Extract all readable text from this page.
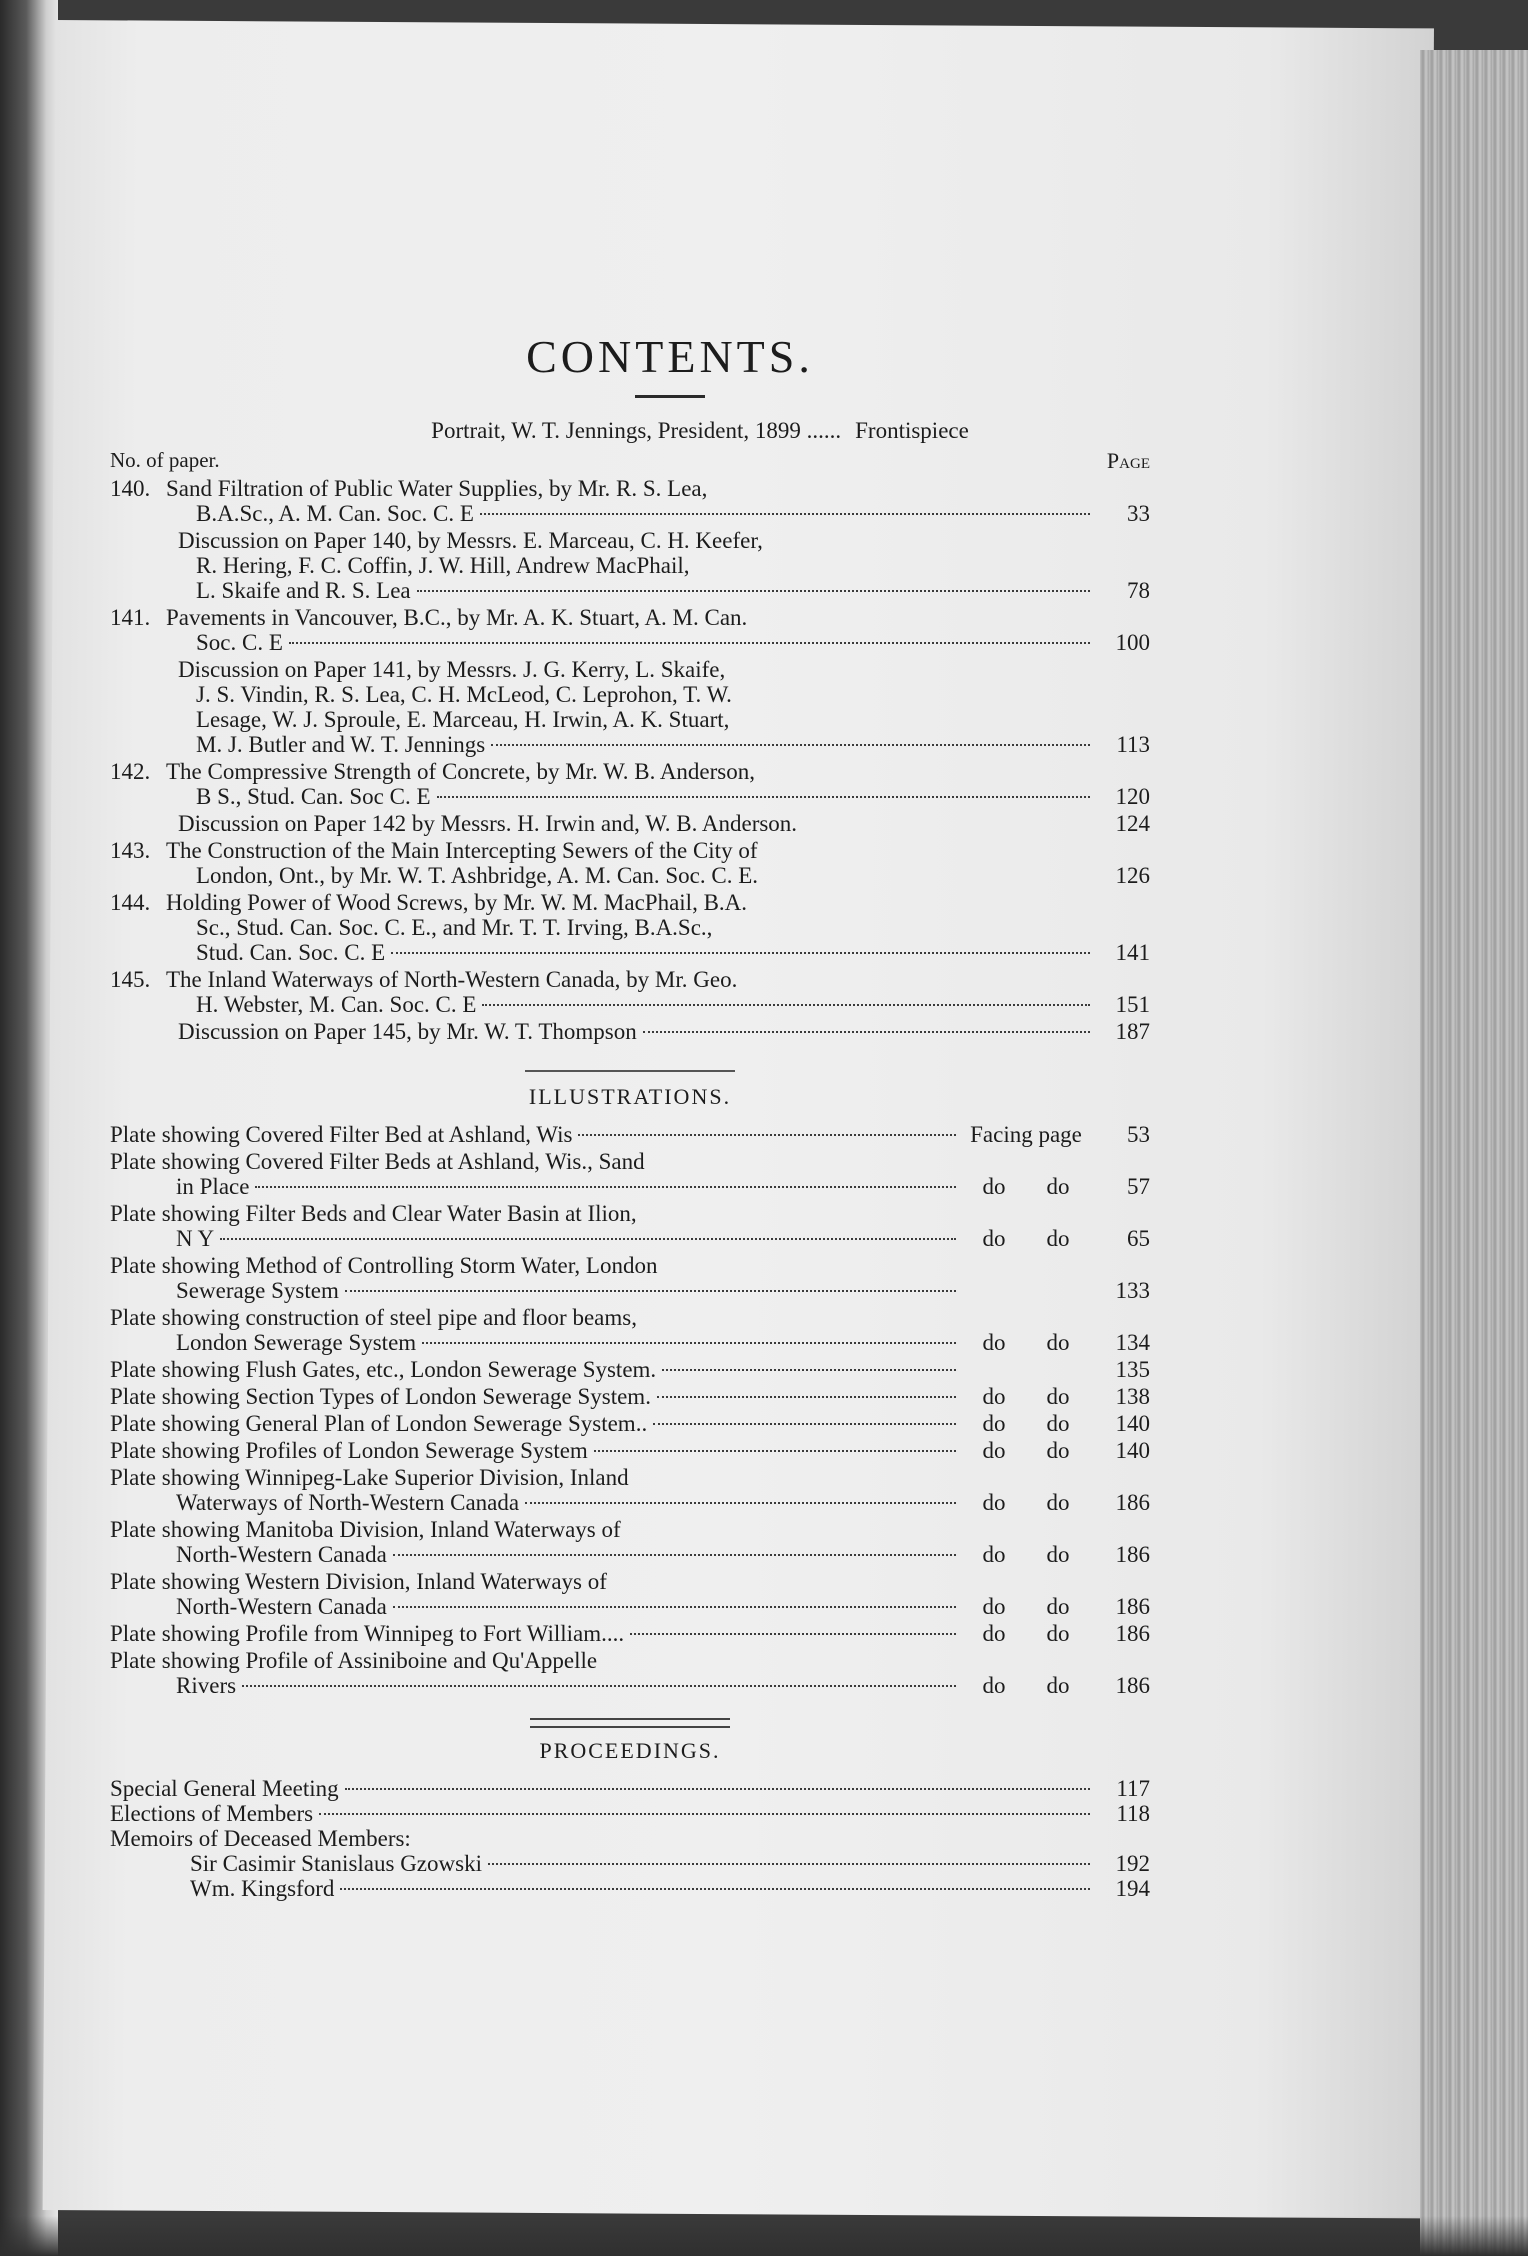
CONTENTS.
Portrait, W. T. Jennings, President, 1899 ...... Frontispiece
No. of paper.	Page
140. Sand Filtration of Public Water Supplies, by Mr. R. S. Lea,
B.A.Sc., A. M. Can. Soc. C. E	33
Discussion on Paper 140, by Messrs. E. Marceau, C. H. Keefer,
R. Hering, F. C. Coffin, J. W. Hill, Andrew MacPhail,
L. Skaife and R. S. Lea	78
141. Pavements in Vancouver, B.C., by Mr. A. K. Stuart, A. M. Can.
Soc. C. E	100
Discussion on Paper 141, by Messrs. J. G. Kerry, L. Skaife,
J. S. Vindin, R. S. Lea, C. H. McLeod, C. Leprohon, T. W.
Lesage, W. J. Sproule, E. Marceau, H. Irwin, A. K. Stuart,
M. J. Butler and W. T. Jennings	113
142. The Compressive Strength of Concrete, by Mr. W. B. Anderson,
B S., Stud. Can. Soc C. E	120
Discussion on Paper 142 by Messrs. H. Irwin and, W. B. Anderson.	124
143. The Construction of the Main Intercepting Sewers of the City of
London, Ont., by Mr. W. T. Ashbridge, A. M. Can. Soc. C. E.	126
144. Holding Power of Wood Screws, by Mr. W. M. MacPhail, B.A.
Sc., Stud. Can. Soc. C. E., and Mr. T. T. Irving, B.A.Sc.,
Stud. Can. Soc. C. E	141
145. The Inland Waterways of North-Western Canada, by Mr. Geo.
H. Webster, M. Can. Soc. C. E	151
Discussion on Paper 145, by Mr. W. T. Thompson	187
ILLUSTRATIONS.
Plate showing Covered Filter Bed at Ashland, Wis	Facing page	53
Plate showing Covered Filter Beds at Ashland, Wis., Sand
in Place	do	do	57
Plate showing Filter Beds and Clear Water Basin at Ilion,
N Y	do	do	65
Plate showing Method of Controlling Storm Water, London
Sewerage System	133
Plate showing construction of steel pipe and floor beams,
London Sewerage System	do	do	134
Plate showing Flush Gates, etc., London Sewerage System.	135
Plate showing Section Types of London Sewerage System.	do	do	138
Plate showing General Plan of London Sewerage System..	do	do	140
Plate showing Profiles of London Sewerage System	do	do	140
Plate showing Winnipeg-Lake Superior Division, Inland
Waterways of North-Western Canada	do	do	186
Plate showing Manitoba Division, Inland Waterways of
North-Western Canada	do	do	186
Plate showing Western Division, Inland Waterways of
North-Western Canada	do	do	186
Plate showing Profile from Winnipeg to Fort William....	do	do	186
Plate showing Profile of Assiniboine and Qu'Appelle
Rivers	do	do	186
PROCEEDINGS.
Special General Meeting	117
Elections of Members	118
Memoirs of Deceased Members:
Sir Casimir Stanislaus Gzowski	192
Wm. Kingsford	194
